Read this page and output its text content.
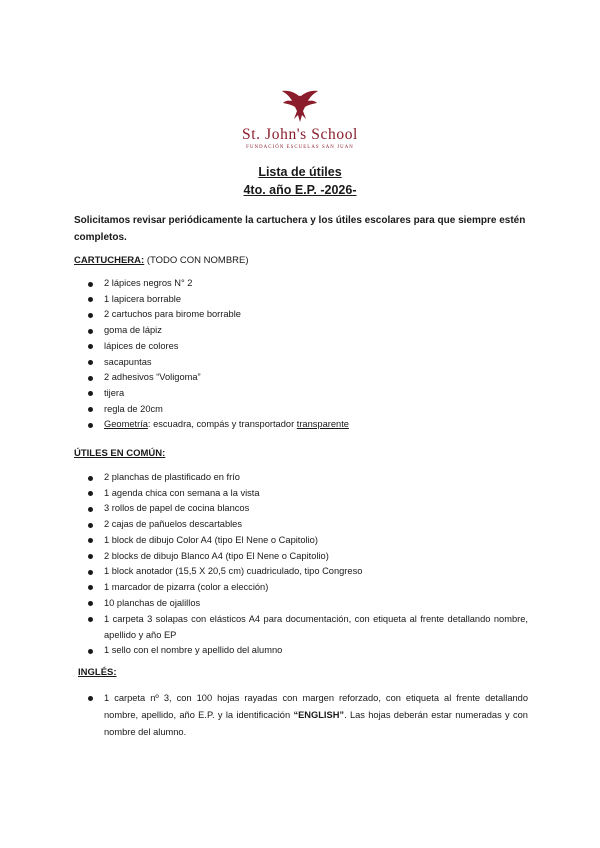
St. John's School
FUNDACIÓN ESCUELAS SAN JUAN
Lista de útiles
4to. año E.P. -2026-
Solicitamos revisar periódicamente la cartuchera y los útiles escolares para que siempre estén completos.
CARTUCHERA: (TODO CON NOMBRE)
2 lápices negros N° 2
1 lapicera borrable
2 cartuchos para birome borrable
goma de lápiz
lápices de colores
sacapuntas
2 adhesivos “Voligoma”
tijera
regla de 20cm
Geometría: escuadra, compás y transportador transparente
ÚTILES EN COMÚN:
2 planchas de plastificado en frío
1 agenda chica con semana a la vista
3 rollos de papel de cocina blancos
2 cajas de pañuelos descartables
1 block de dibujo Color A4 (tipo El Nene o Capitolio)
2 blocks de dibujo Blanco A4 (tipo El Nene o Capitolio)
1 block anotador (15,5 X 20,5 cm) cuadriculado, tipo Congreso
1 marcador de pizarra (color a elección)
10 planchas de ojalillos
1 carpeta 3 solapas con elásticos A4 para documentación, con etiqueta al frente detallando nombre, apellido y año EP
1 sello con el nombre y apellido del alumno
INGLÉS:
1 carpeta nº 3, con 100 hojas rayadas con margen reforzado, con etiqueta al frente detallando nombre, apellido, año E.P. y la identificación “ENGLISH”. Las hojas deberán estar numeradas y con nombre del alumno.
